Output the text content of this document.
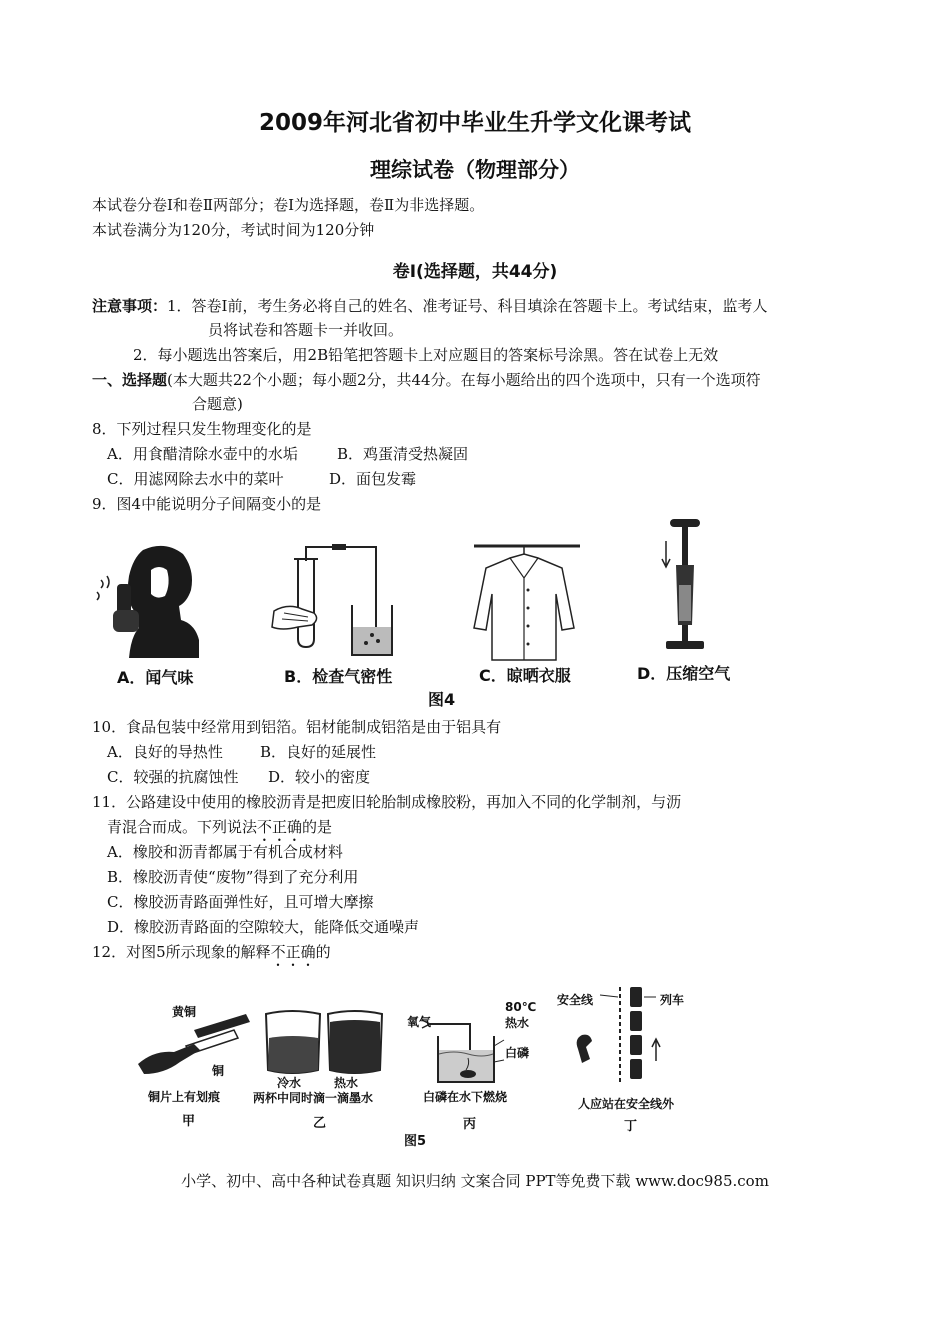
2009年河北省初中毕业生升学文化课考试
理综试卷（物理部分）
本试卷分卷I和卷Ⅱ两部分；卷I为选择题，卷Ⅱ为非选择题。
本试卷满分为120分，考试时间为120分钟
卷Ⅰ(选择题，共44分)
注意事项：1．答卷I前，考生务必将自己的姓名、准考证号、科目填涂在答题卡上。考试结束，监考人
员将试卷和答题卡一并收回。
2．每小题选出答案后，用2B铅笔把答题卡上对应题目的答案标号涂黑。答在试卷上无效
一、选择题(本大题共22个小题；每小题2分，共44分。在每小题给出的四个选项中，只有一个选项符
合题意)
8．下列过程只发生物理变化的是
A．用食醋清除水壶中的水垢	B．鸡蛋清受热凝固
C．用滤网除去水中的菜叶	D．面包发霉
9．图4中能说明分子间隔变小的是
A．闻气味	B．检查气密性	C．晾晒衣服	D．压缩空气
图4
10．食品包装中经常用到铝箔。铝材能制成铝箔是由于铝具有
A．良好的导热性 B．良好的延展性
C．较强的抗腐蚀性 D．较小的密度
11．公路建设中使用的橡胶沥青是把废旧轮胎制成橡胶粉，再加入不同的化学制剂，与沥
青混合而成。下列说法不正确的是
A．橡胶和沥青都属于有机合成材料
B．橡胶沥青使“废物”得到了充分利用
C．橡胶沥青路面弹性好，且可增大摩擦
D．橡胶沥青路面的空隙较大，能降低交通噪声
12．对图5所示现象的解释不正确的
黄铜
铜
铜片上有划痕
甲
冷水	热水
两杯中同时滴一滴墨水
乙
氧气
80℃
热水
白磷
白磷在水下燃烧
丙
安全线	列车
人应站在安全线外
丁
图5
小学、初中、高中各种试卷真题 知识归纳 文案合同 PPT等免费下载 www.doc985.com
